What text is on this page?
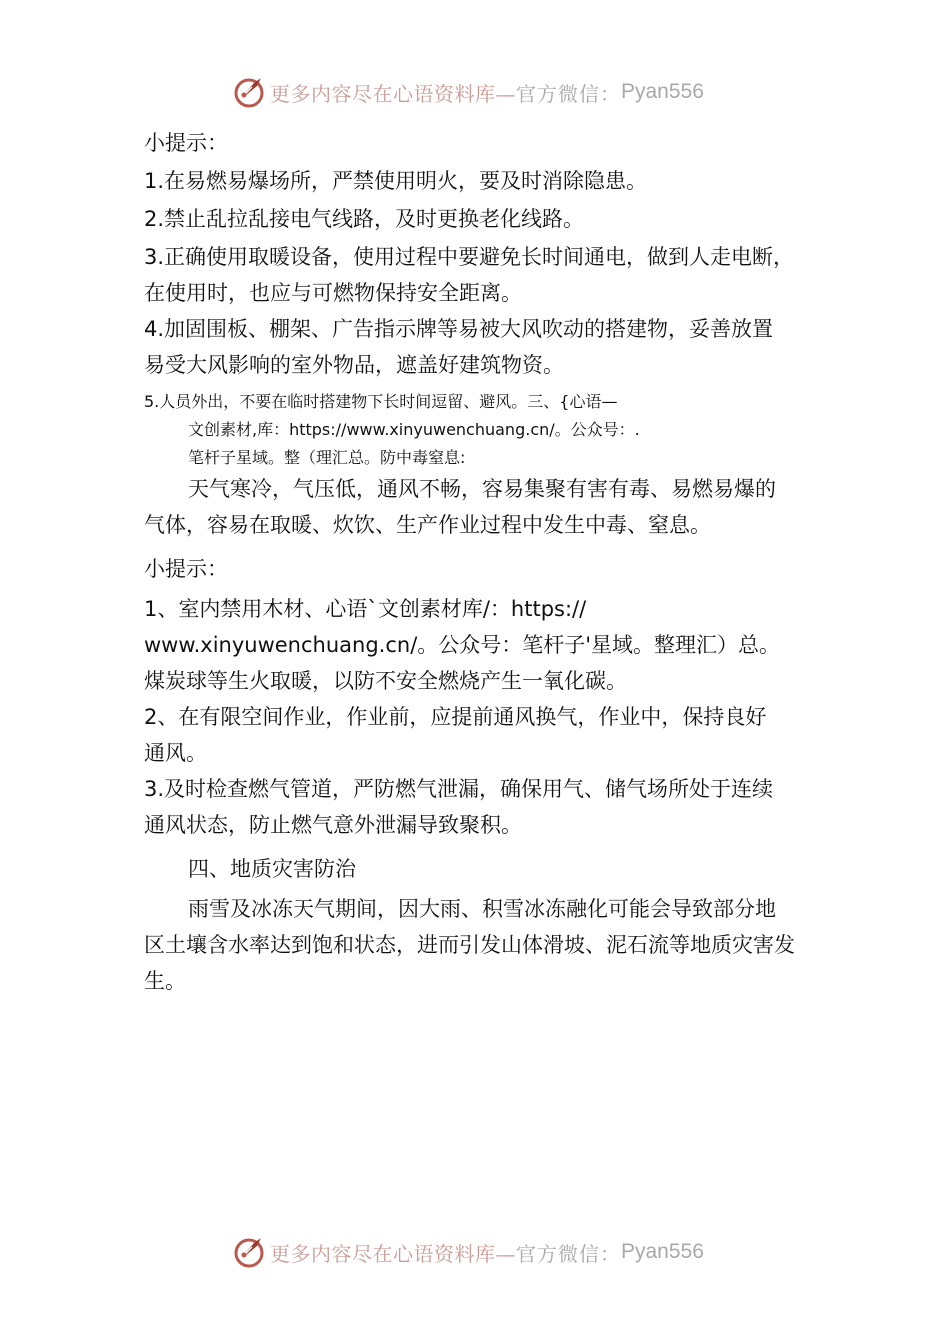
更多内容尽在心语资料库— 官方微信： Pyan556
小提示：
1.在易燃易爆场所，严禁使用明火，要及时消除隐患。
2.禁止乱拉乱接电气线路，及时更换老化线路。
3.正确使用取暖设备，使用过程中要避免长时间通电，做到人走电断，
在使用时，也应与可燃物保持安全距离。
4.加固围板、棚架、广告指示牌等易被大风吹动的搭建物，妥善放置
易受大风影响的室外物品，遮盖好建筑物资。
5.人员外出，不要在临时搭建物下长时间逗留、避风。三、{心语—
文创素材,库：https://www.xinyuwenchuang.cn/。公众号：.
笔杆子星域。整（理汇总。防中毒窒息:
天气寒冷，气压低，通风不畅，容易集聚有害有毒、易燃易爆的
气体，容易在取暖、炊饮、生产作业过程中发生中毒、窒息。
小提示：
1、室内禁用木材、心语`文创素材库/：https://
www.xinyuwenchuang.cn/。公众号：笔杆子'星域。整理汇）总。
煤炭球等生火取暖，以防不安全燃烧产生一氧化碳。
2、在有限空间作业，作业前，应提前通风换气，作业中，保持良好
通风。
3.及时检查燃气管道，严防燃气泄漏，确保用气、储气场所处于连续
通风状态，防止燃气意外泄漏导致聚积。
四、地质灾害防治
雨雪及冰冻天气期间，因大雨、积雪冰冻融化可能会导致部分地
区土壤含水率达到饱和状态，进而引发山体滑坡、泥石流等地质灾害发
生。
更多内容尽在心语资料库— 官方微信： Pyan556
